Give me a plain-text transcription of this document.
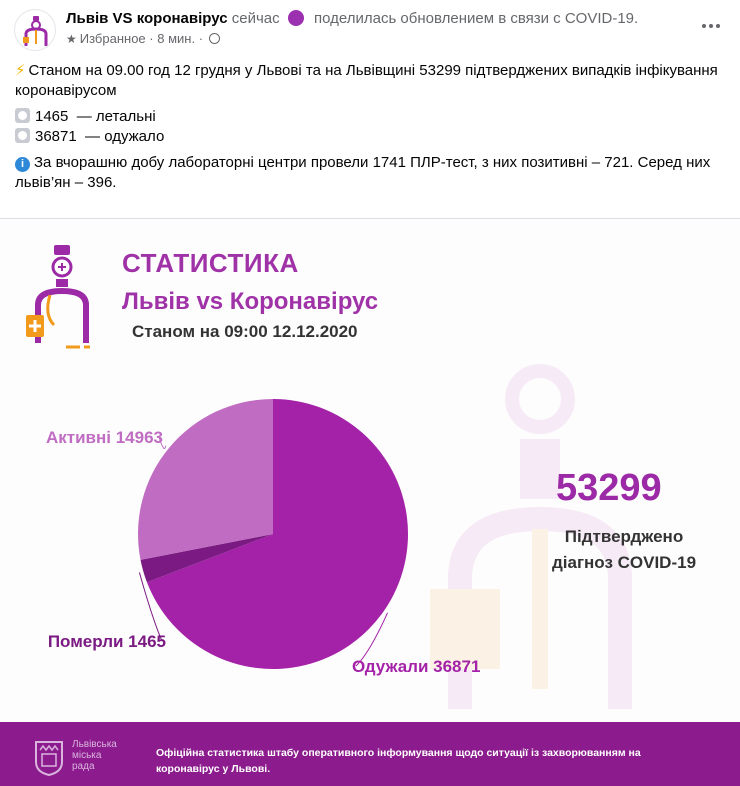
Львів VS коронавірус сейчас поделилась обновлением в связи с COVID-19.
★ Избранное · 8 мин. ·

⚡ Станом на 09.00 год 12 грудня у Львові та на Львівщині 53299 підтверджених випадків інфікування коронавірусом

1465  — летальні
36871  — одужало

i За вчорашню добу лабораторні центри провели 1741 ПЛР-тест, з них позитивні – 721. Серед них львів’ян – 396.

СТАТИСТИКА
Львів vs Коронавірус
Станом на 09:00 12.12.2020
Одужали 36871
Померли 1465
Активні 14963
53299
Підтверджено
діагноз COVID-19
Львівська
міська
рада
Офіційна статистика штабу оперативного інформування щодо ситуації із захворюванням на коронавірус у Львові.
